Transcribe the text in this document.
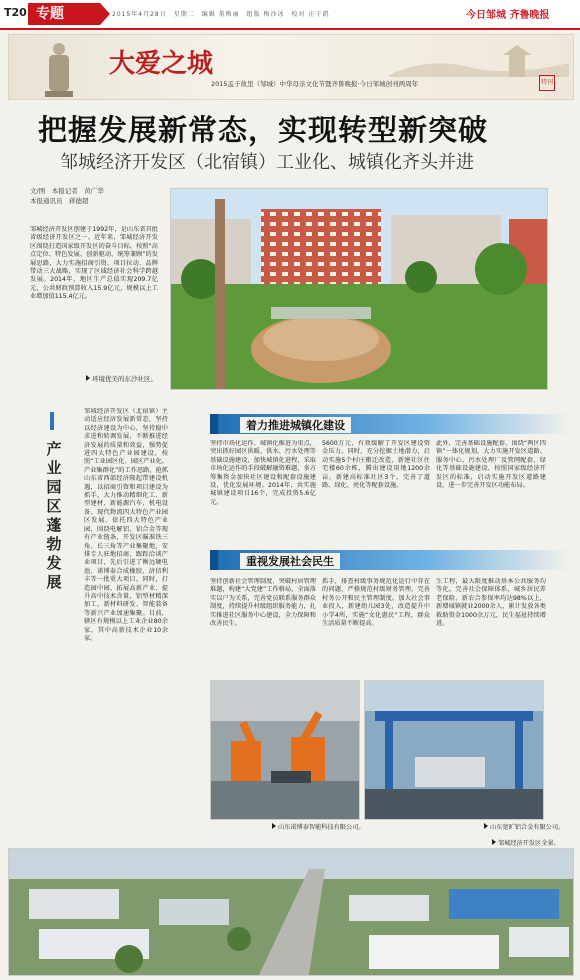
T20 专题	2015年4月28日　星期二　编辑 董梅丽　组版 梅沙冰　校对 庄于凯	今日邹城 齐鲁晚报
大爱之城
2015孟子故里（邹城）中华母亲文化节暨齐鲁晚报·今日邹城创刊两周年	特刊
把握发展新常态，实现转型新突破
邹城经济开发区（北宿镇）工业化、城镇化齐头并进
文/图　本报记者　黄广华
本报通讯员　蒋德超
邹城经济开发区创建于1992年，是山东省首批省级经济开发区之一。近年来，邹城经济开发区围绕打造国家级开发区的奋斗目标，按照“高点定位、特色发展、创新驱动、统筹兼顾”的发展思路，大力实施招商引资、项目拉动、品牌带动三大战略，实现了区域经济社会科学跨越发展。2014年，地区生产总值实现209.7亿元，公共财政预算收入15.9亿元，规模以上工业增加值115.4亿元。
环境优美的东沙社区。
产业园区蓬勃发展
邹城经济开发区（北宿镇）主动适应经济发展新常态，坚持以经济建设为中心，坚持稳中求进和转调发展，不断推进经济发展的质量和效益，强势促进四大特色产业园建设，按照“工业园区化、园区产业化、产业集群化”的工作思路，抢抓山东省西部经济隆起带建设机遇，以招商引资和项目建设为抓手，大力推动精细化工、新型建材、新能源汽车、机电设备、现代物流四大特色产业园区发展。依托四大特色产业园，围绕电解铝、铝合金等现有产业链条，开发区瞄准铁三角、长三角等产业集聚地，安排专人驻地招商，跟踪洽谈产业项目，先后引进了衡远硬电池、诺博泰合成橡胶、济信利丰等一批重大项目。同时，打造园中园、拓展高新产业、提升高中技术含量，铝型材精深加工、新材料研发、智能装备等新兴产业加速集聚。目前，辖区有规模以上工业企业80余家，其中高新技术企业10余家。
着力推进城镇化建设
坚持市场化运作、城镇化推进为重点，突出抓好园区供暖、供水、污水处理等基础设施建设，加快城镇化进程，采取市场化运作的手段破解融资难题，多方筹集资金加快社区建设和配套设施建设，优化发展环境。2014年，共实施城镇建设项目16个，完成投资5.6亿元。
5600万元，有效缓解了开发区建设资金压力。同时，充分挖掘土地潜力，启动实施5个村庄搬迁改造，新建社区住宅楼60余栋，腾出建设用地1200余亩，新建高标准社区3个，完善了道路、绿化、亮化等配套设施。
此外，完善基础设施配套，围绕“两区四镇”一体化规划，大力实施开发区道路、服务中心、污水处理厂及管网配套、绿化等基础设施建设，按照国家级经济开发区的标准，启动实施开发区道路建设，进一步完善开发区功能布局。
重视发展社会民生
坚持创新社会管理制度，突破村居管理难题，构建“大党建”工作格局，全面落实以户为关系，完善党员联系服务群众制度，持续提升村级组织服务能力，扎实推进社区服务中心建设，全力保障和改善民生。
抓手，排查村级事务规范化运行中存在的问题，严格规范村级财务管理，完善村务公开和民主管理制度。加大社会事业投入，新建幼儿园3处，改造提升中小学4所，实施“文化惠民”工程，群众生活质量不断提高。
生工程，最大限度推动基本公共服务均等化，完善社会保障体系，城乡居民养老保险、新农合参保率均达98%以上，新增城镇就业2000余人，累计发放各类救助资金1000余万元，民生福祉持续增进。
山东诺博泰智能科技有限公司。	山东宽旷铝合金有限公司。
邹城经济开发区全景。
